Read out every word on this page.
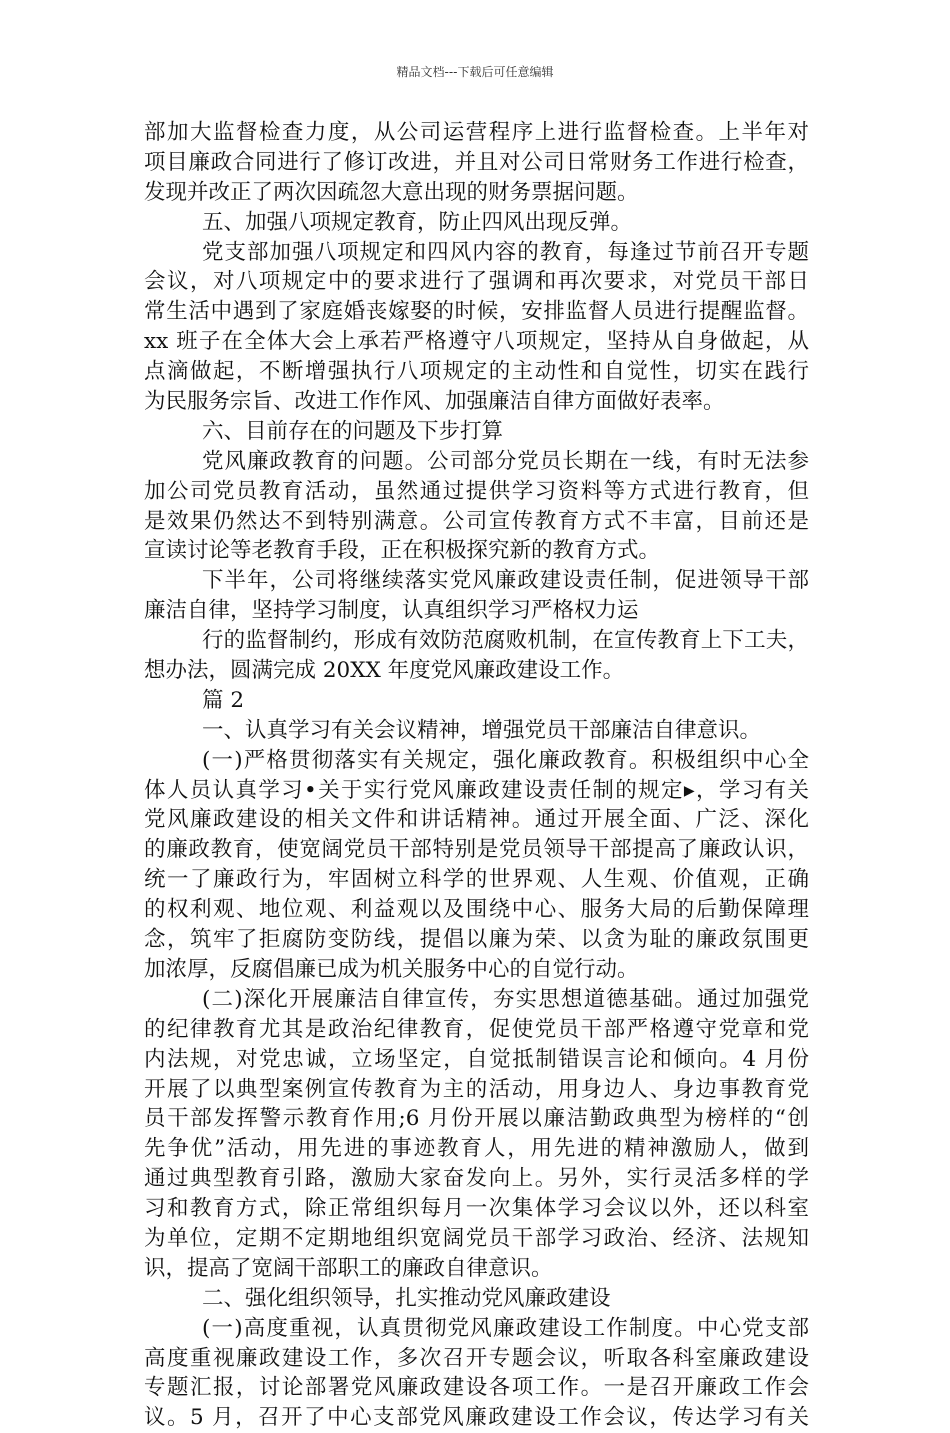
精品文档---下载后可任意编辑
部加大监督检查力度，从公司运营程序上进行监督检查。上半年对
项目廉政合同进行了修订改进，并且对公司日常财务工作进行检查，
发现并改正了两次因疏忽大意出现的财务票据问题。
五、加强八项规定教育，防止四风出现反弹。
党支部加强八项规定和四风内容的教育，每逢过节前召开专题
会议，对八项规定中的要求进行了强调和再次要求，对党员干部日
常生活中遇到了家庭婚丧嫁娶的时候，安排监督人员进行提醒监督。
xx 班子在全体大会上承若严格遵守八项规定，坚持从自身做起，从
点滴做起，不断增强执行八项规定的主动性和自觉性，切实在践行
为民服务宗旨、改进工作作风、加强廉洁自律方面做好表率。
六、目前存在的问题及下步打算
党风廉政教育的问题。公司部分党员长期在一线，有时无法参
加公司党员教育活动，虽然通过提供学习资料等方式进行教育，但
是效果仍然达不到特别满意。公司宣传教育方式不丰富，目前还是
宣读讨论等老教育手段，正在积极探究新的教育方式。
下半年，公司将继续落实党风廉政建设责任制，促进领导干部
廉洁自律，坚持学习制度，认真组织学习严格权力运
行的监督制约，形成有效防范腐败机制，在宣传教育上下工夫，
想办法，圆满完成 20XX 年度党风廉政建设工作。
篇 2
一、认真学习有关会议精神，增强党员干部廉洁自律意识。
(一)严格贯彻落实有关规定，强化廉政教育。积极组织中心全
体人员认真学习•关于实行党风廉政建设责任制的规定▸，学习有关
党风廉政建设的相关文件和讲话精神。通过开展全面、广泛、深化
的廉政教育，使宽阔党员干部特别是党员领导干部提高了廉政认识，
统一了廉政行为，牢固树立科学的世界观、人生观、价值观，正确
的权利观、地位观、利益观以及围绕中心、服务大局的后勤保障理
念，筑牢了拒腐防变防线，提倡以廉为荣、以贪为耻的廉政氛围更
加浓厚，反腐倡廉已成为机关服务中心的自觉行动。
(二)深化开展廉洁自律宣传，夯实思想道德基础。通过加强党
的纪律教育尤其是政治纪律教育，促使党员干部严格遵守党章和党
内法规，对党忠诚，立场坚定，自觉抵制错误言论和倾向。4 月份
开展了以典型案例宣传教育为主的活动，用身边人、身边事教育党
员干部发挥警示教育作用;6 月份开展以廉洁勤政典型为榜样的“创
先争优”活动，用先进的事迹教育人，用先进的精神激励人，做到
通过典型教育引路，激励大家奋发向上。另外，实行灵活多样的学
习和教育方式，除正常组织每月一次集体学习会议以外，还以科室
为单位，定期不定期地组织宽阔党员干部学习政治、经济、法规知
识，提高了宽阔干部职工的廉政自律意识。
二、强化组织领导，扎实推动党风廉政建设
(一)高度重视，认真贯彻党风廉政建设工作制度。中心党支部
高度重视廉政建设工作，多次召开专题会议，听取各科室廉政建设
专题汇报，讨论部署党风廉政建设各项工作。一是召开廉政工作会
议。5 月，召开了中心支部党风廉政建设工作会议，传达学习有关
